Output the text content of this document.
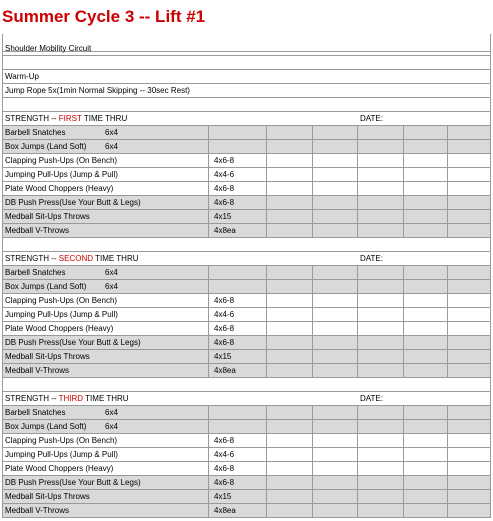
Summer Cycle 3 -- Lift #1
Shoulder Mobility Circuit
Warm-Up
Jump Rope 5x(1min Normal Skipping -- 30sec Rest)
STRENGTH -- FIRST TIME THRU	DATE:
Barbell Snatches	6x4
Box Jumps (Land Soft) 6x4
Clapping Push-Ups (On Bench)	4x6-8
Jumping Pull-Ups (Jump & Pull)	4x4-6
Plate Wood Choppers (Heavy)	4x6-8
DB Push Press(Use Your Butt & Legs)	4x6-8
Medball Sit-Ups Throws	4x15
Medball V-Throws	4x8ea
STRENGTH -- SECOND TIME THRU	DATE:
Barbell Snatches	6x4
Box Jumps (Land Soft) 6x4
Clapping Push-Ups (On Bench)	4x6-8
Jumping Pull-Ups (Jump & Pull)	4x4-6
Plate Wood Choppers (Heavy)	4x6-8
DB Push Press(Use Your Butt & Legs)	4x6-8
Medball Sit-Ups Throws	4x15
Medball V-Throws	4x8ea
STRENGTH -- THIRD TIME THRU	DATE:
Barbell Snatches	6x4
Box Jumps (Land Soft) 6x4
Clapping Push-Ups (On Bench)	4x6-8
Jumping Pull-Ups (Jump & Pull)	4x4-6
Plate Wood Choppers (Heavy)	4x6-8
DB Push Press(Use Your Butt & Legs)	4x6-8
Medball Sit-Ups Throws	4x15
Medball V-Throws	4x8ea
